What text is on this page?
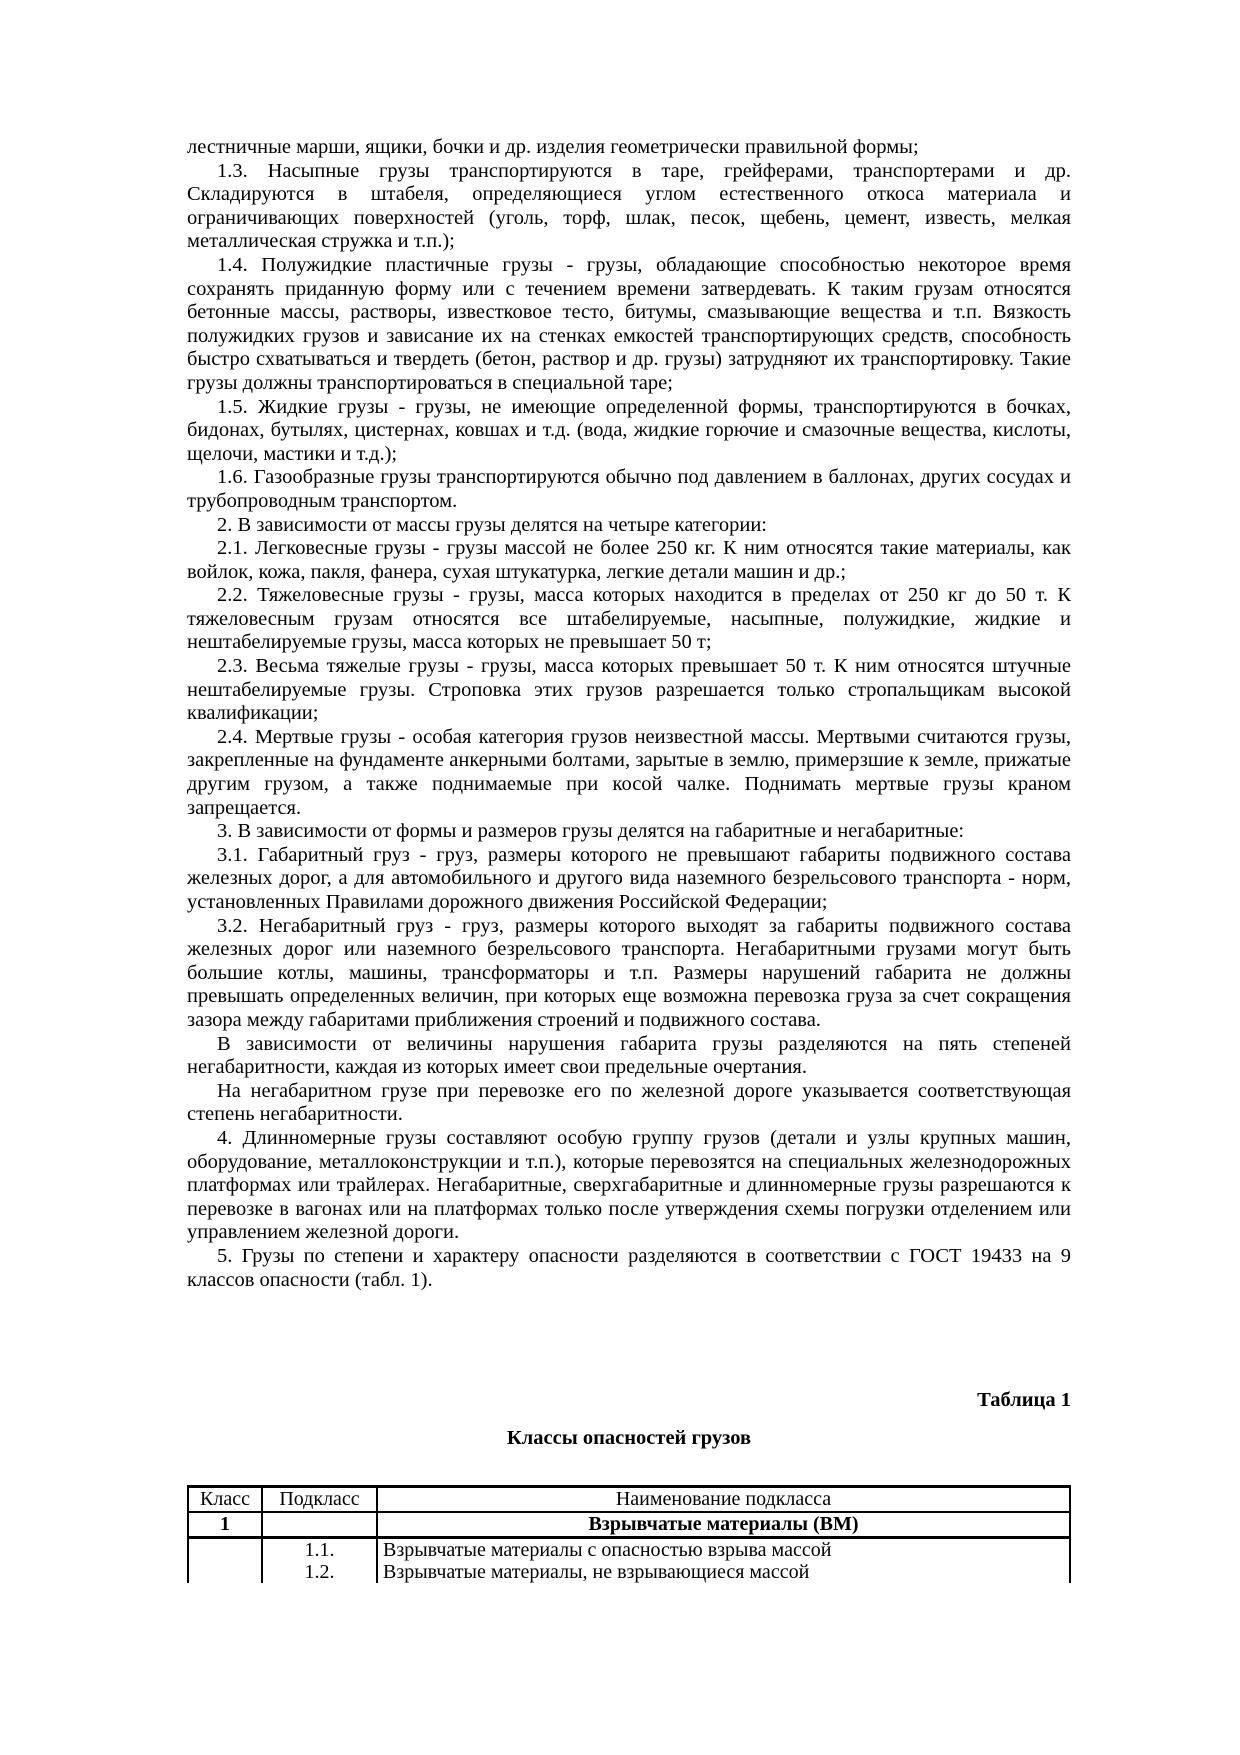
лестничные марши, ящики, бочки и др. изделия геометрически правильной формы;

1.3. Насыпные грузы транспортируются в таре, грейферами, транспортерами и др. Складируются в штабеля, определяющиеся углом естественного откоса материала и ограничивающих поверхностей (уголь, торф, шлак, песок, щебень, цемент, известь, мелкая металлическая стружка и т.п.);

1.4. Полужидкие пластичные грузы - грузы, обладающие способностью некоторое время сохранять приданную форму или с течением времени затвердевать. К таким грузам относятся бетонные массы, растворы, известковое тесто, битумы, смазывающие вещества и т.п. Вязкость полужидких грузов и зависание их на стенках емкостей транспортирующих средств, способность быстро схватываться и твердеть (бетон, раствор и др. грузы) затрудняют их транспортировку. Такие грузы должны транспортироваться в специальной таре;

1.5. Жидкие грузы - грузы, не имеющие определенной формы, транспортируются в бочках, бидонах, бутылях, цистернах, ковшах и т.д. (вода, жидкие горючие и смазочные вещества, кислоты, щелочи, мастики и т.д.);

1.6. Газообразные грузы транспортируются обычно под давлением в баллонах, других сосудах и трубопроводным транспортом.

2. В зависимости от массы грузы делятся на четыре категории:

2.1. Легковесные грузы - грузы массой не более 250 кг. К ним относятся такие материалы, как войлок, кожа, пакля, фанера, сухая штукатурка, легкие детали машин и др.;

2.2. Тяжеловесные грузы - грузы, масса которых находится в пределах от 250 кг до 50 т. К тяжеловесным грузам относятся все штабелируемые, насыпные, полужидкие, жидкие и нештабелируемые грузы, масса которых не превышает 50 т;

2.3. Весьма тяжелые грузы - грузы, масса которых превышает 50 т. К ним относятся штучные нештабелируемые грузы. Строповка этих грузов разрешается только стропальщикам высокой квалификации;

2.4. Мертвые грузы - особая категория грузов неизвестной массы. Мертвыми считаются грузы, закрепленные на фундаменте анкерными болтами, зарытые в землю, примерзшие к земле, прижатые другим грузом, а также поднимаемые при косой чалке. Поднимать мертвые грузы краном запрещается.

3. В зависимости от формы и размеров грузы делятся на габаритные и негабаритные:

3.1. Габаритный груз - груз, размеры которого не превышают габариты подвижного состава железных дорог, а для автомобильного и другого вида наземного безрельсового транспорта - норм, установленных Правилами дорожного движения Российской Федерации;

3.2. Негабаритный груз - груз, размеры которого выходят за габариты подвижного состава железных дорог или наземного безрельсового транспорта. Негабаритными грузами могут быть большие котлы, машины, трансформаторы и т.п. Размеры нарушений габарита не должны превышать определенных величин, при которых еще возможна перевозка груза за счет сокращения зазора между габаритами приближения строений и подвижного состава.

В зависимости от величины нарушения габарита грузы разделяются на пять степеней негабаритности, каждая из которых имеет свои предельные очертания.

На негабаритном грузе при перевозке его по железной дороге указывается соответствующая степень негабаритности.

4. Длинномерные грузы составляют особую группу грузов (детали и узлы крупных машин, оборудование, металлоконструкции и т.п.), которые перевозятся на специальных железнодорожных платформах или трайлерах. Негабаритные, сверхгабаритные и длинномерные грузы разрешаются к перевозке в вагонах или на платформах только после утверждения схемы погрузки отделением или управлением железной дороги.

5. Грузы по степени и характеру опасности разделяются в соответствии с ГОСТ 19433 на 9 классов опасности (табл. 1).

Таблица 1
Классы опасностей грузов
Класс	Подкласс	Наименование подкласса
1		Взрывчатые материалы (ВМ)
	1.1.	Взрывчатые материалы с опасностью взрыва массой
	1.2.	Взрывчатые материалы, не взрывающиеся массой
